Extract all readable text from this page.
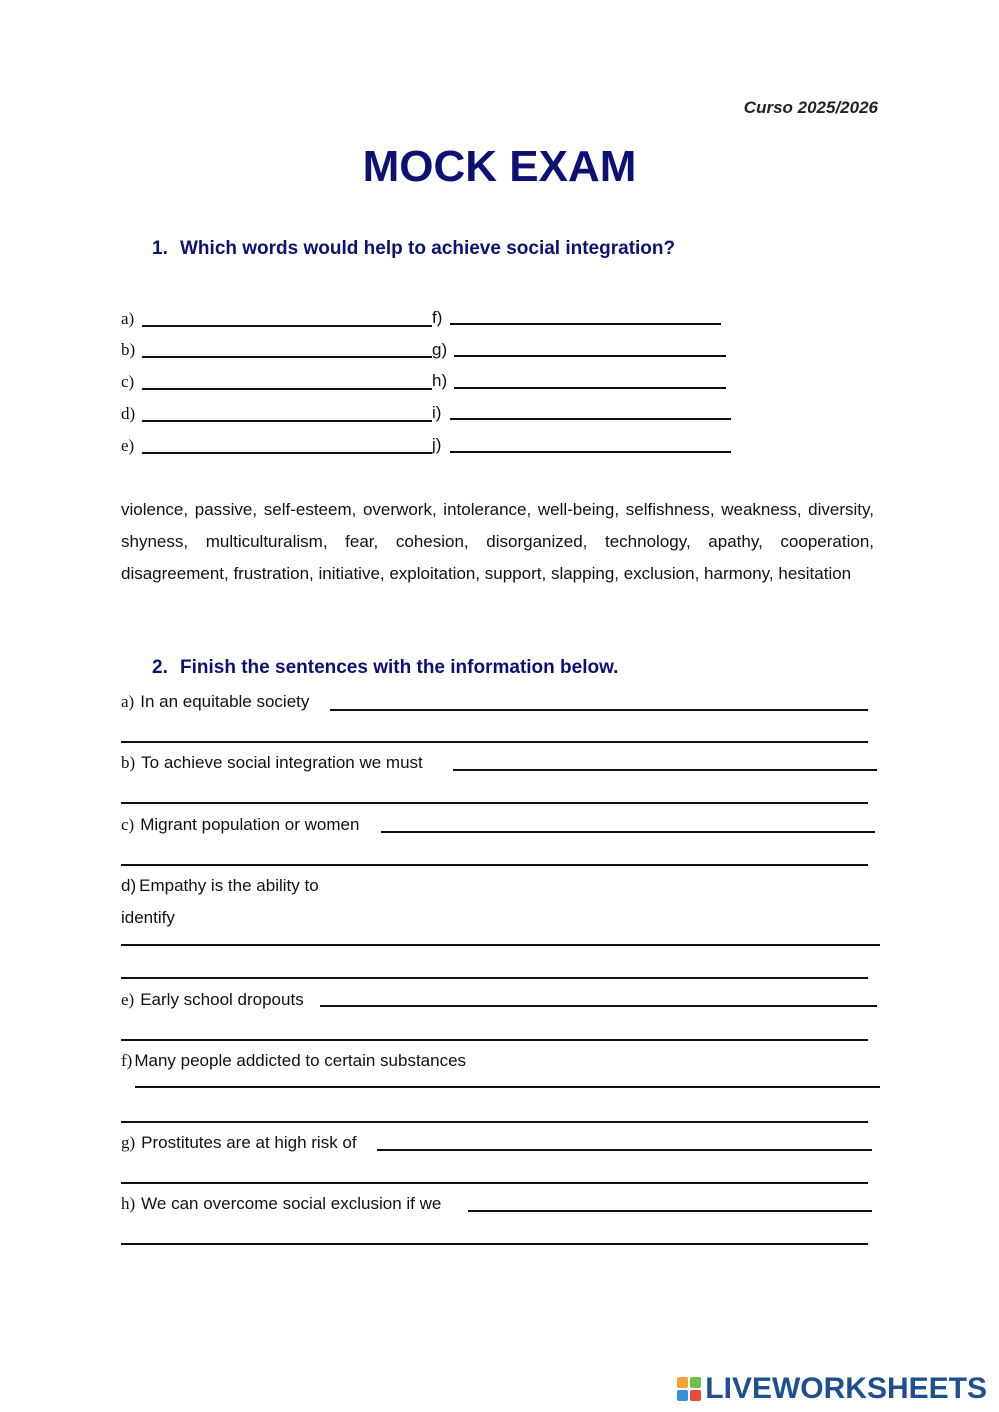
Curso 2025/2026
MOCK EXAM
1. Which words would help to achieve social integration?
a)
b)
c)
d)
e)
f)
g)
h)
i)
j)
violence, passive, self-esteem, overwork, intolerance, well-being, selfishness, weakness, diversity, shyness, multiculturalism, fear, cohesion, disorganized, technology, apathy, cooperation, disagreement, frustration, initiative, exploitation, support, slapping, exclusion, harmony, hesitation
2. Finish the sentences with the information below.
a) In an equitable society
b) To achieve social integration we must
c) Migrant population or women
d) Empathy is the ability to
identify
e) Early school dropouts
f) Many people addicted to certain substances
g) Prostitutes are at high risk of
h) We can overcome social exclusion if we
LIVEWORKSHEETS
